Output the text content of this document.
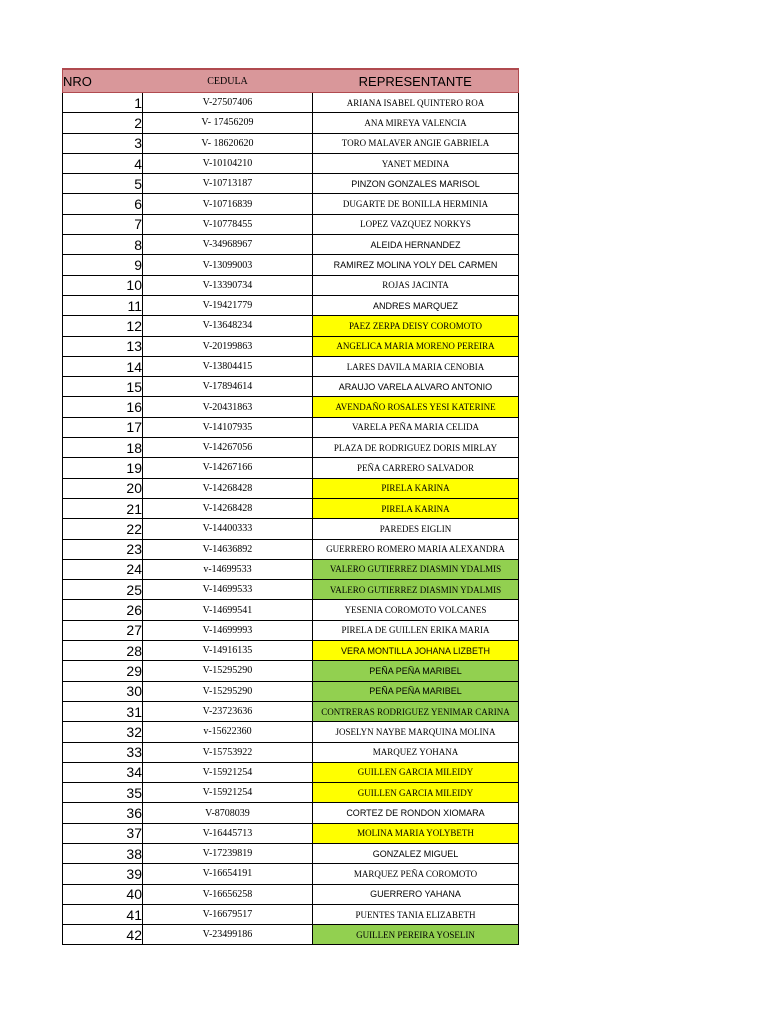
NRO	CEDULA	REPRESENTANTE
1	V-27507406	ARIANA ISABEL QUINTERO ROA
2	V- 17456209	ANA MIREYA VALENCIA
3	V- 18620620	TORO MALAVER ANGIE GABRIELA
4	V-10104210	YANET MEDINA
5	V-10713187	PINZON GONZALES MARISOL
6	V-10716839	DUGARTE DE BONILLA HERMINIA
7	V-10778455	LOPEZ VAZQUEZ NORKYS
8	V-34968967	ALEIDA HERNANDEZ
9	V-13099003	RAMIREZ MOLINA YOLY DEL CARMEN
10	V-13390734	ROJAS JACINTA
11	V-19421779	ANDRES MARQUEZ
12	V-13648234	PAEZ ZERPA DEISY COROMOTO
13	V-20199863	ANGELICA MARIA MORENO PEREIRA
14	V-13804415	LARES DAVILA MARIA CENOBIA
15	V-17894614	ARAUJO VARELA ALVARO ANTONIO
16	V-20431863	AVENDAÑO ROSALES YESI KATERINE
17	V-14107935	VARELA PEÑA MARIA CELIDA
18	V-14267056	PLAZA DE RODRIGUEZ DORIS MIRLAY
19	V-14267166	PEÑA CARRERO SALVADOR
20	V-14268428	PIRELA KARINA
21	V-14268428	PIRELA KARINA
22	V-14400333	PAREDES EIGLIN
23	V-14636892	GUERRERO ROMERO MARIA ALEXANDRA
24	v-14699533	VALERO GUTIERREZ DIASMIN YDALMIS
25	V-14699533	VALERO GUTIERREZ DIASMIN YDALMIS
26	V-14699541	YESENIA COROMOTO VOLCANES
27	V-14699993	PIRELA DE GUILLEN ERIKA MARIA
28	V-14916135	VERA MONTILLA JOHANA LIZBETH
29	V-15295290	PEÑA PEÑA MARIBEL
30	V-15295290	PEÑA PEÑA MARIBEL
31	V-23723636	CONTRERAS RODRIGUEZ YENIMAR CARINA
32	v-15622360	JOSELYN NAYBE MARQUINA MOLINA
33	V-15753922	MARQUEZ YOHANA
34	V-15921254	GUILLEN GARCIA MILEIDY
35	V-15921254	GUILLEN GARCIA MILEIDY
36	V-8708039	CORTEZ DE RONDON XIOMARA
37	V-16445713	MOLINA MARIA YOLYBETH
38	V-17239819	GONZALEZ MIGUEL
39	V-16654191	MARQUEZ PEÑA COROMOTO
40	V-16656258	GUERRERO YAHANA
41	V-16679517	PUENTES TANIA ELIZABETH
42	V-23499186	GUILLEN PEREIRA YOSELIN
